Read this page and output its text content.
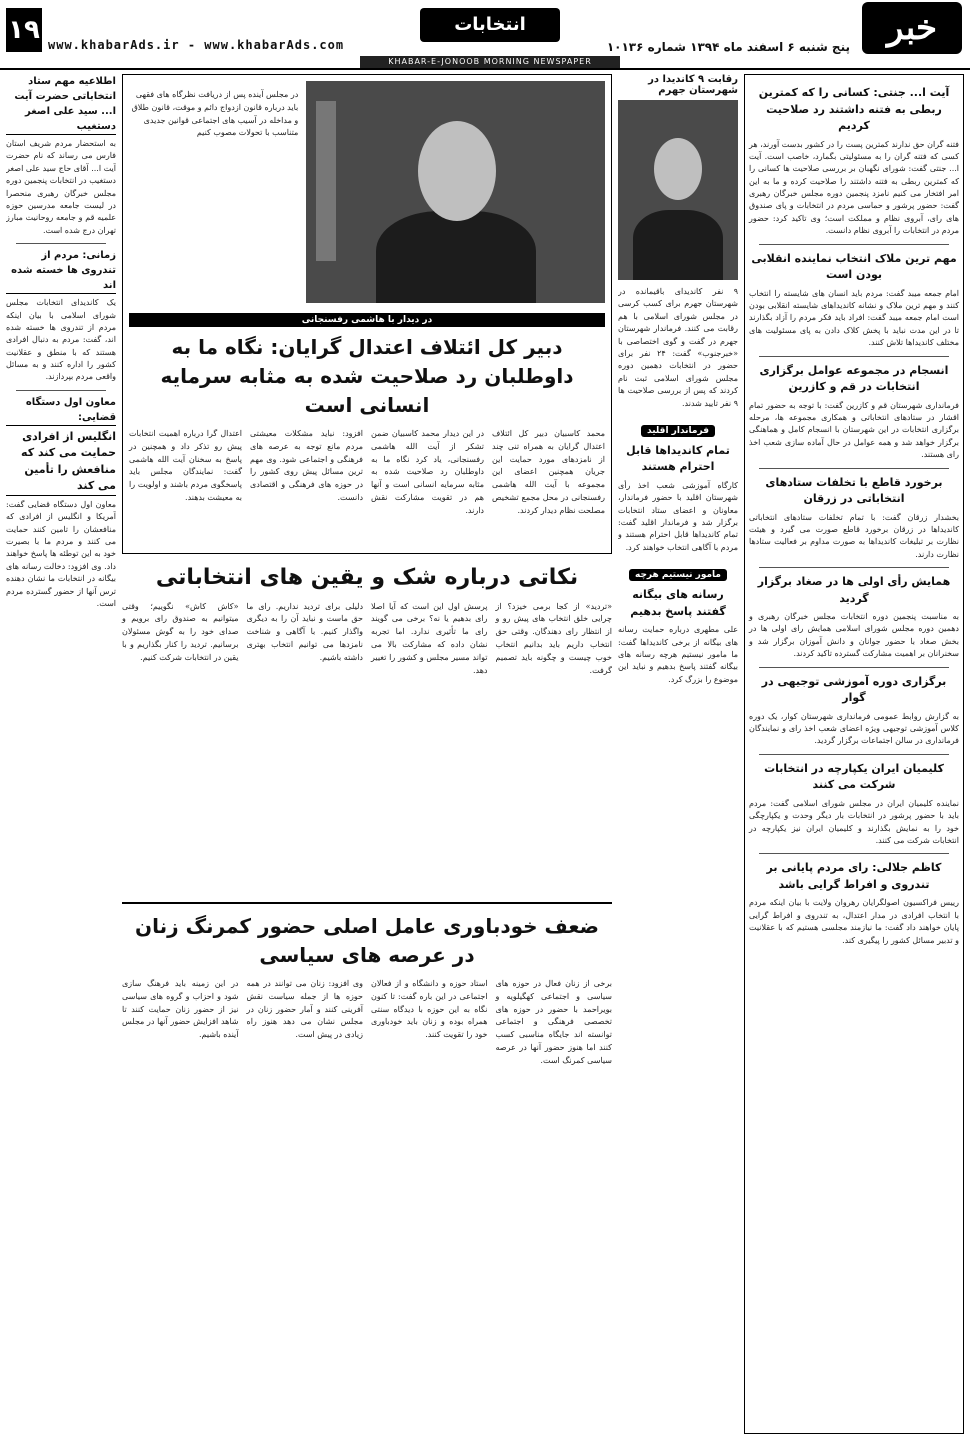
۱۹ www.khabarAds.ir - www.khabarAds.com
انتخابات
پنج شنبه ۶ اسفند ماه ۱۳۹۴ شماره ۱۰۱۳۶	خبر
KHABAR-E-JONOOB MORNING NEWSPAPER
آیت ا... جنتی: کسانی را که کمترین ربطی به فتنه داشتند رد صلاحیت کردیم
فتنه گران حق ندارند کمترین پست را در کشور بدست آورند، هر کسی که فتنه گران را به مسئولیتی بگمارد، خاصب است. آیت ا... جنتی گفت: شورای نگهبان بر بررسی صلاحیت ها کسانی را که کمترین ربطی به فتنه داشتند را صلاحیت کرده و ما به این امر افتخار می کنیم نامزد پنجمین دوره مجلس خبرگان رهبری گفت: حضور پرشور و حماسی مردم در انتخابات و پای صندوق های رای، آبروی نظام و مملکت است؛ وی تاکید کرد: حضور مردم در انتخابات را آبروی نظام دانست.
مهم ترین ملاک انتخاب نماینده انقلابی بودن است
امام جمعه میبد گفت: مردم باید انسان های شایسته را انتخاب کنند و مهم ترین ملاک و نشانه کاندیداهای شایسته انقلابی بودن است امام جمعه میبد گفت: افراد باید فکر مردم را آزاد بگذارند تا در این مدت نباید با پخش کلاک دادن به پای مسئولیت های مختلف کاندیداها تلاش کنند.
انسجام در مجموعه عوامل برگزاری انتخابات در قم و کازرین
فرمانداری شهرستان قم و کازرین گفت: با توجه به حضور تمام اقشار در ستادهای انتخاباتی و همکاری مجموعه ها، مرحله برگزاری انتخابات در این شهرستان با انسجام کامل و هماهنگی برگزار خواهد شد و همه عوامل در حال آماده سازی شعب اخذ رای هستند.
برخورد قاطع با تخلفات ستادهای انتخاباتی در زرقان
بخشدار زرقان گفت: با تمام تخلفات ستادهای انتخاباتی کاندیداها در زرقان برخورد قاطع صورت می گیرد و هیئت نظارت بر تبلیغات کاندیداها به صورت مداوم بر فعالیت ستادها نظارت دارند.
همایش رأی اولی ها در صغاد برگزار گردید
به مناسبت پنجمین دوره انتخابات مجلس خبرگان رهبری و دهمین دوره مجلس شورای اسلامی همایش رای اولی ها در بخش صغاد با حضور جوانان و دانش آموزان برگزار شد و سخنرانان بر اهمیت مشارکت گسترده تاکید کردند.
برگزاری دوره آموزشی توجیهی در گوار
به گزارش روابط عمومی فرمانداری شهرستان کوار، یک دوره کلاس آموزشی توجیهی ویژه اعضای شعب اخذ رای و نمایندگان فرمانداری در سالن اجتماعات برگزار گردید.
کلیمیان ایران یکپارچه در انتخابات شرکت می کنند
نماینده کلیمیان ایران در مجلس شورای اسلامی گفت: مردم باید با حضور پرشور در انتخابات بار دیگر وحدت و یکپارچگی خود را به نمایش بگذارند و کلیمیان ایران نیز یکپارچه در انتخابات شرکت می کنند.
کاظم جلالی: رای مردم پایانی بر تندروی و افراط گرایی باشد
رییس فراکسیون اصولگرایان رهروان ولایت با بیان اینکه مردم با انتخاب افرادی در مدار اعتدال، به تندروی و افراط گرایی پایان خواهند داد گفت: ما نیازمند مجلسی هستیم که با عقلانیت و تدبیر مسائل کشور را پیگیری کند.
رقابت ۹ کاندیدا در شهرستان جهرم
۹ نفر کاندیدای باقیمانده در شهرستان جهرم برای کسب کرسی در مجلس شورای اسلامی با هم رقابت می کنند. فرماندار شهرستان جهرم در گفت و گوی اختصاصی با «خبرجنوب» گفت: ۲۴ نفر برای حضور در انتخابات دهمین دوره مجلس شورای اسلامی ثبت نام کردند که پس از بررسی صلاحیت ها ۹ نفر تایید شدند.
فرماندار اقلید
تمام کاندیداها قابل احترام هستند
کارگاه آموزشی شعب اخذ رأی شهرستان اقلید با حضور فرماندار، معاونان و اعضای ستاد انتخابات برگزار شد و فرماندار اقلید گفت: تمام کاندیداها قابل احترام هستند و مردم با آگاهی انتخاب خواهند کرد.
مامور نیستیم هرچه
رسانه های بیگانه گفتند پاسخ بدهیم
علی مطهری درباره حمایت رسانه های بیگانه از برخی کاندیداها گفت: ما مامور نیستیم هرچه رسانه های بیگانه گفتند پاسخ بدهیم و نباید این موضوع را بزرگ کرد.
در مجلس آینده پس از دریافت نظرگاه های فقهی باید درباره قانون ازدواج دائم و موقت، قانون طلاق و مداخله در آسیب های اجتماعی قوانین جدیدی متناسب با تحولات مصوب کنیم
در دیدار با هاشمی رفسنجانی
دبیر کل ائتلاف اعتدال گرایان: نگاه ما به داوطلبان رد صلاحیت شده به مثابه سرمایه انسانی است
محمد کاسبیان دبیر کل ائتلاف اعتدال گرایان به همراه تنی چند از نامزدهای مورد حمایت این جریان همچنین اعضای این مجموعه با آیت الله هاشمی رفسنجانی در محل مجمع تشخیص مصلحت نظام دیدار کردند.
در این دیدار محمد کاسبیان ضمن تشکر از آیت الله هاشمی رفسنجانی، یاد کرد نگاه ما به داوطلبان رد صلاحیت شده به مثابه سرمایه انسانی است و آنها هم در تقویت مشارکت نقش دارند.
افزود: نباید مشکلات معیشتی مردم مانع توجه به عرصه های فرهنگی و اجتماعی شود. وی مهم ترین مسائل پیش روی کشور را در حوزه های فرهنگی و اقتصادی دانست.
اعتدال گرا درباره اهمیت انتخابات پیش رو تذکر داد و همچنین در پاسخ به سخنان آیت الله هاشمی گفت: نمایندگان مجلس باید پاسخگوی مردم باشند و اولویت را به معیشت بدهند.
نکاتی درباره شک و یقین های انتخاباتی
«تردید» از کجا برمی خیزد؟ از چرایی خلق انتخاب های پیش رو و از انتظار رای دهندگان. وقتی حق انتخاب داریم باید بدانیم انتخاب خوب چیست و چگونه باید تصمیم گرفت.
پرسش اول این است که آیا اصلا رای بدهیم یا نه؟ برخی می گویند رای ما تأثیری ندارد. اما تجربه نشان داده که مشارکت بالا می تواند مسیر مجلس و کشور را تغییر دهد.
دلیلی برای تردید نداریم. رای ما حق ماست و نباید آن را به دیگری واگذار کنیم. با آگاهی و شناخت نامزدها می توانیم انتخاب بهتری داشته باشیم.
«کاش کاش» نگوییم؛ وقتی میتوانیم به صندوق رای برویم و صدای خود را به گوش مسئولان برسانیم. تردید را کنار بگذاریم و با یقین در انتخابات شرکت کنیم.
ضعف خودباوری عامل اصلی حضور کمرنگ زنان در عرصه های سیاسی
برخی از زنان فعال در حوزه های سیاسی و اجتماعی کهگیلویه و بویراحمد با حضور در حوزه های تخصصی فرهنگی و اجتماعی توانسته اند جایگاه مناسبی کسب کنند اما هنوز حضور آنها در عرصه سیاسی کمرنگ است.
استاد حوزه و دانشگاه و از فعالان اجتماعی در این باره گفت: تا کنون نگاه به این حوزه با دیدگاه سنتی همراه بوده و زنان باید خودباوری خود را تقویت کنند.
وی افزود: زنان می توانند در همه حوزه ها از جمله سیاست نقش آفرینی کنند و آمار حضور زنان در مجلس نشان می دهد هنوز راه زیادی در پیش است.
در این زمینه باید فرهنگ سازی شود و احزاب و گروه های سیاسی نیز از حضور زنان حمایت کنند تا شاهد افزایش حضور آنها در مجلس آینده باشیم.
اطلاعیه مهم ستاد انتخاباتی حضرت آیت ا... سید علی اصغر دستغیب
به استحضار مردم شریف استان فارس می رساند که نام حضرت آیت ا... آقای حاج سید علی اصغر دستغیب در انتخابات پنجمین دوره مجلس خبرگان رهبری منحصرا در لیست جامعه مدرسین حوزه علمیه قم و جامعه روحانیت مبارز تهران درج شده است.
زمانی: مردم از تندروی ها خسته شده اند
یک کاندیدای انتخابات مجلس شورای اسلامی با بیان اینکه مردم از تندروی ها خسته شده اند، گفت: مردم به دنبال افرادی هستند که با منطق و عقلانیت کشور را اداره کنند و به مسائل واقعی مردم بپردازند.
معاون اول دستگاه قضایی:
انگلیس از افرادی حمایت می کند که منافعش را تأمین می کند
معاون اول دستگاه قضایی گفت: آمریکا و انگلیس از افرادی که منافعشان را تامین کنند حمایت می کنند و مردم ما با بصیرت خود به این توطئه ها پاسخ خواهند داد. وی افزود: دخالت رسانه های بیگانه در انتخابات ما نشان دهنده ترس آنها از حضور گسترده مردم است.
